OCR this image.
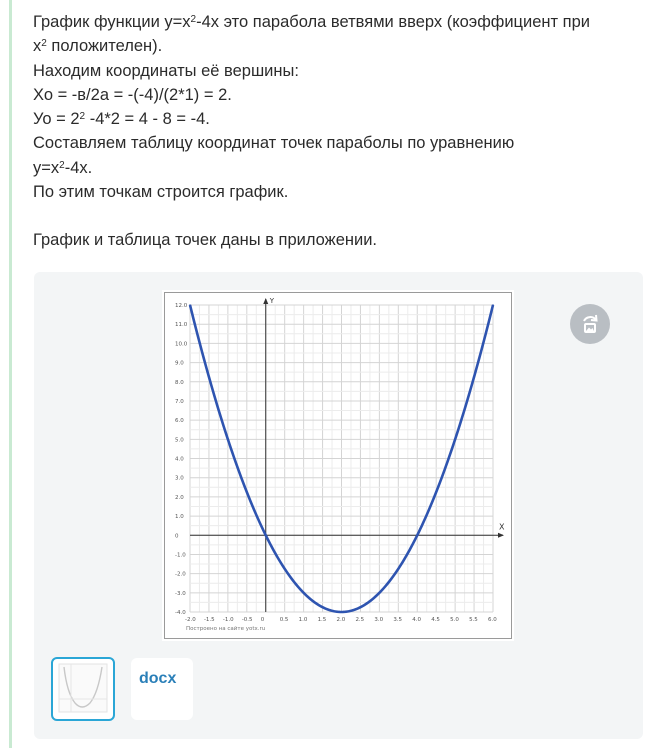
График функции $y=x^2-4x$ это парабола ветвями вверх (коэффициент при

$x^2$ положителен).

Находим координаты её вершины:

Хо = -в/2а = -(-4)/(2*1) = 2.

Уо = $2^2$ -4*2 = 4 - 8 = -4.

Составляем таблицу координат точек параболы по уравнению

$y=x^2-4x$.

По этим точкам строится график.

График и таблица точек даны в приложении.

Y
X
12.0
11.0
10.0
9.0
8.0
7.0
6.0
5.0
4.0
3.0
2.0
1.0
0
-1.0
-2.0
-3.0
-4.0
-2.0 -1.5 -1.0 -0.5 0	0.5 1.0 1.5 2.0 2.5 3.0 3.5 4.0 4.5 5.0 5.5 6.0
Построено на сайте yotx.ru
docx
